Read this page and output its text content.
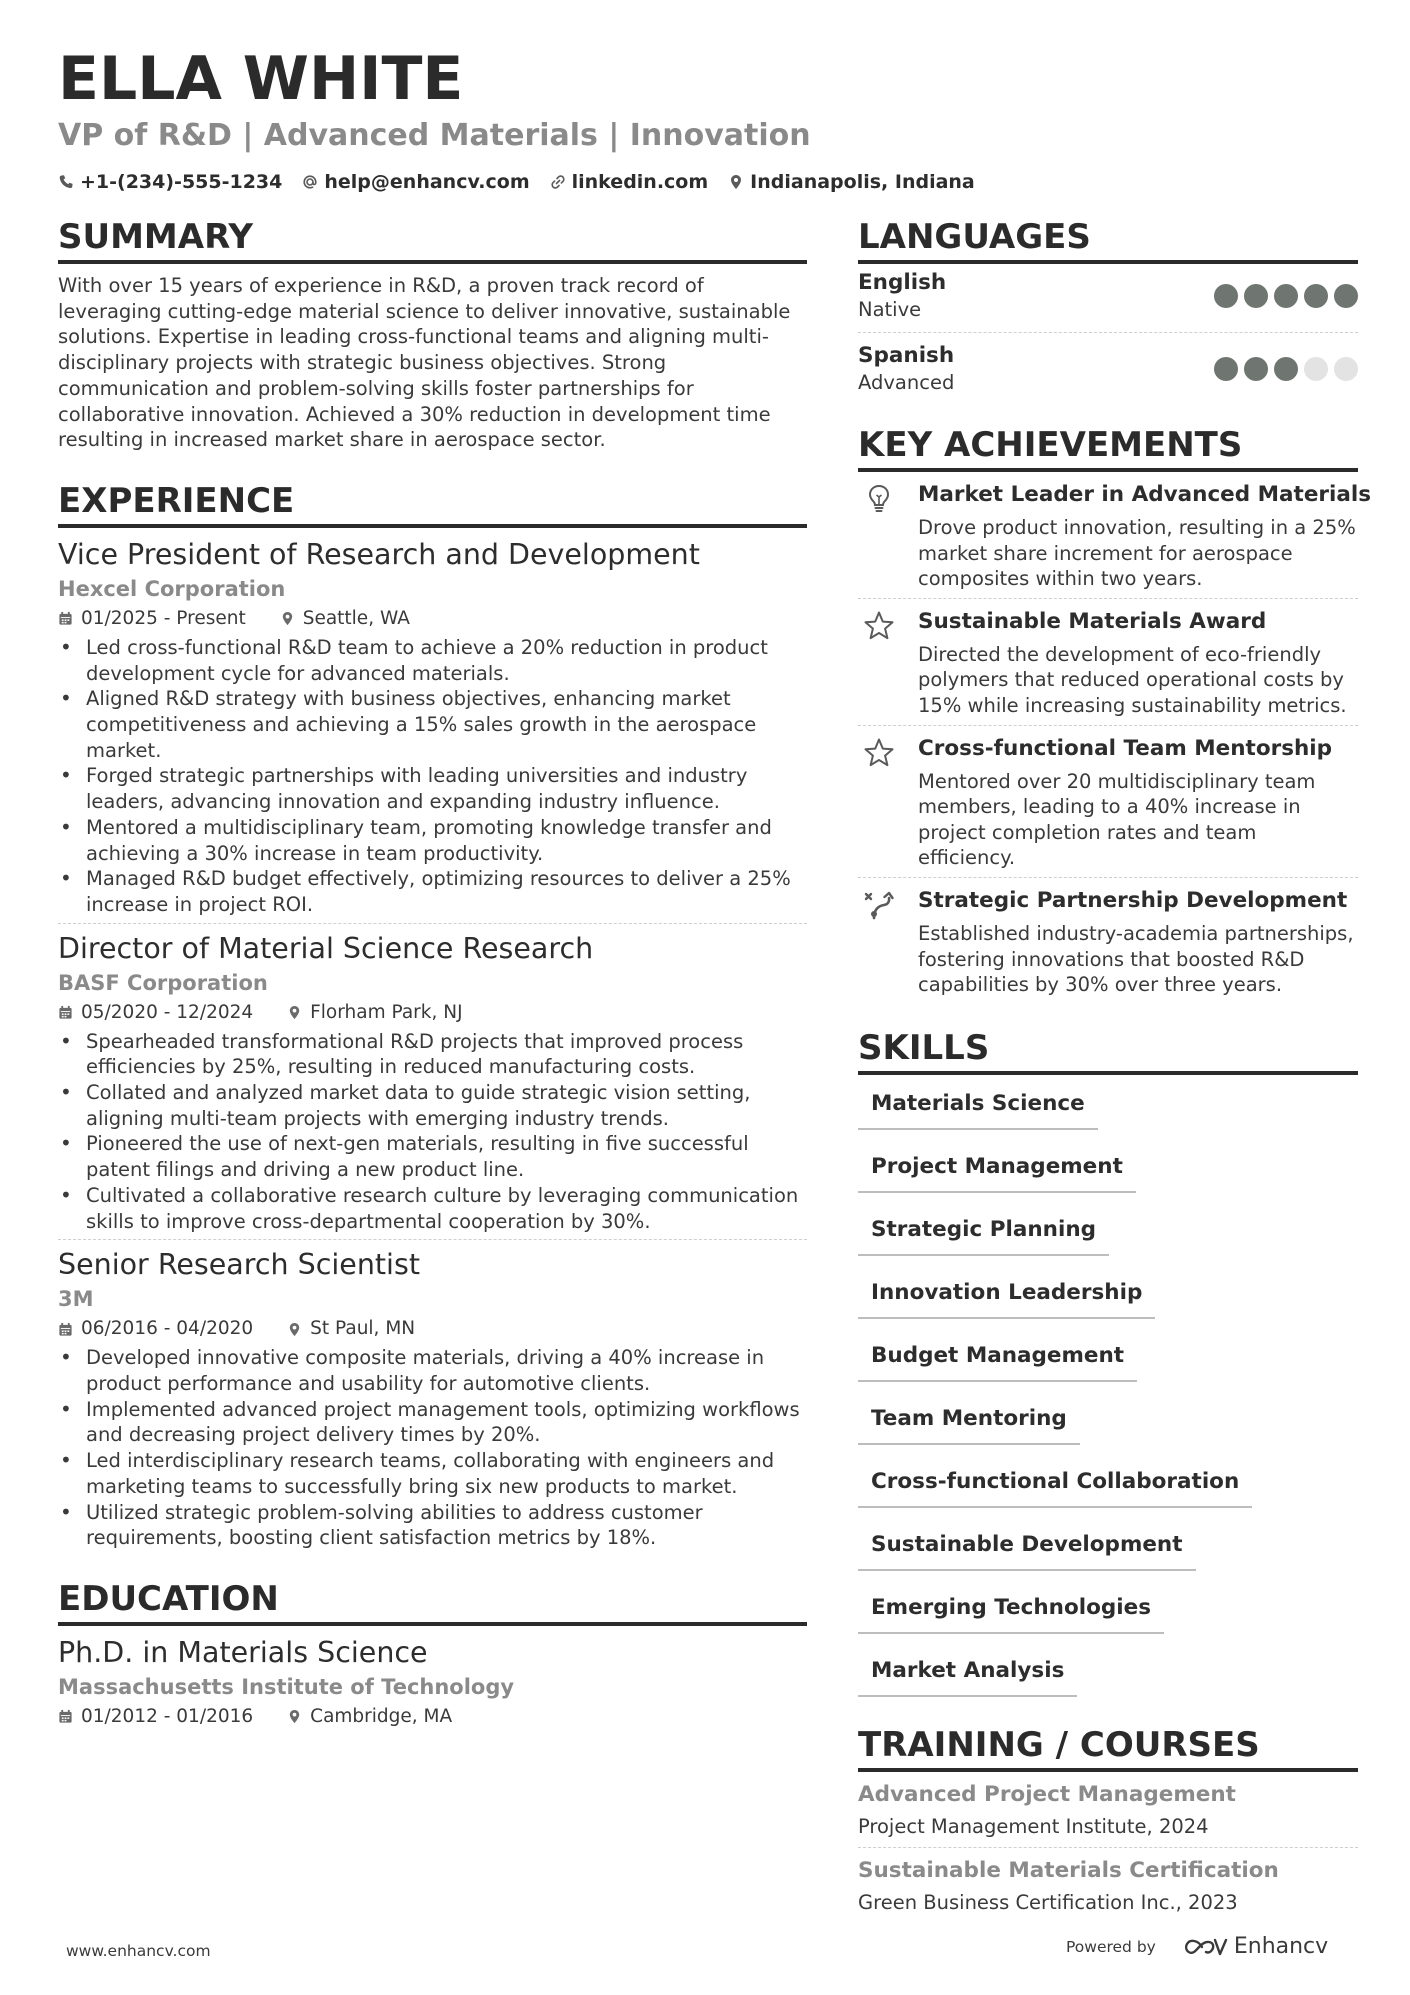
ELLA WHITE
VP of R&D | Advanced Materials | Innovation
+1-(234)-555-1234 help@enhancv.com linkedin.com Indianapolis, Indiana
SUMMARY
With over 15 years of experience in R&D, a proven track record of leveraging cutting-edge material science to deliver innovative, sustainable solutions. Expertise in leading cross-functional teams and aligning multi-disciplinary projects with strategic business objectives. Strong communication and problem-solving skills foster partnerships for collaborative innovation. Achieved a 30% reduction in development time resulting in increased market share in aerospace sector.
EXPERIENCE
Vice President of Research and Development
Hexcel Corporation
01/2025 - Present	Seattle, WA
• Led cross-functional R&D team to achieve a 20% reduction in product development cycle for advanced materials.
• Aligned R&D strategy with business objectives, enhancing market competitiveness and achieving a 15% sales growth in the aerospace market.
• Forged strategic partnerships with leading universities and industry leaders, advancing innovation and expanding industry influence.
• Mentored a multidisciplinary team, promoting knowledge transfer and achieving a 30% increase in team productivity.
• Managed R&D budget effectively, optimizing resources to deliver a 25% increase in project ROI.
Director of Material Science Research
BASF Corporation
05/2020 - 12/2024	Florham Park, NJ
• Spearheaded transformational R&D projects that improved process efficiencies by 25%, resulting in reduced manufacturing costs.
• Collated and analyzed market data to guide strategic vision setting, aligning multi-team projects with emerging industry trends.
• Pioneered the use of next-gen materials, resulting in five successful patent filings and driving a new product line.
• Cultivated a collaborative research culture by leveraging communication skills to improve cross-departmental cooperation by 30%.
Senior Research Scientist
3M
06/2016 - 04/2020	St Paul, MN
• Developed innovative composite materials, driving a 40% increase in product performance and usability for automotive clients.
• Implemented advanced project management tools, optimizing workflows and decreasing project delivery times by 20%.
• Led interdisciplinary research teams, collaborating with engineers and marketing teams to successfully bring six new products to market.
• Utilized strategic problem-solving abilities to address customer requirements, boosting client satisfaction metrics by 18%.
EDUCATION
Ph.D. in Materials Science
Massachusetts Institute of Technology
01/2012 - 01/2016	Cambridge, MA
LANGUAGES
English
Native
Spanish
Advanced
KEY ACHIEVEMENTS
Market Leader in Advanced Materials
Drove product innovation, resulting in a 25% market share increment for aerospace composites within two years.
Sustainable Materials Award
Directed the development of eco-friendly polymers that reduced operational costs by 15% while increasing sustainability metrics.
Cross-functional Team Mentorship
Mentored over 20 multidisciplinary team members, leading to a 40% increase in project completion rates and team efficiency.
Strategic Partnership Development
Established industry-academia partnerships, fostering innovations that boosted R&D capabilities by 30% over three years.
SKILLS
Materials Science
Project Management
Strategic Planning
Innovation Leadership
Budget Management
Team Mentoring
Cross-functional Collaboration
Sustainable Development
Emerging Technologies
Market Analysis
TRAINING / COURSES
Advanced Project Management
Project Management Institute, 2024
Sustainable Materials Certification
Green Business Certification Inc., 2023
www.enhancv.com	Powered by	Enhancv
